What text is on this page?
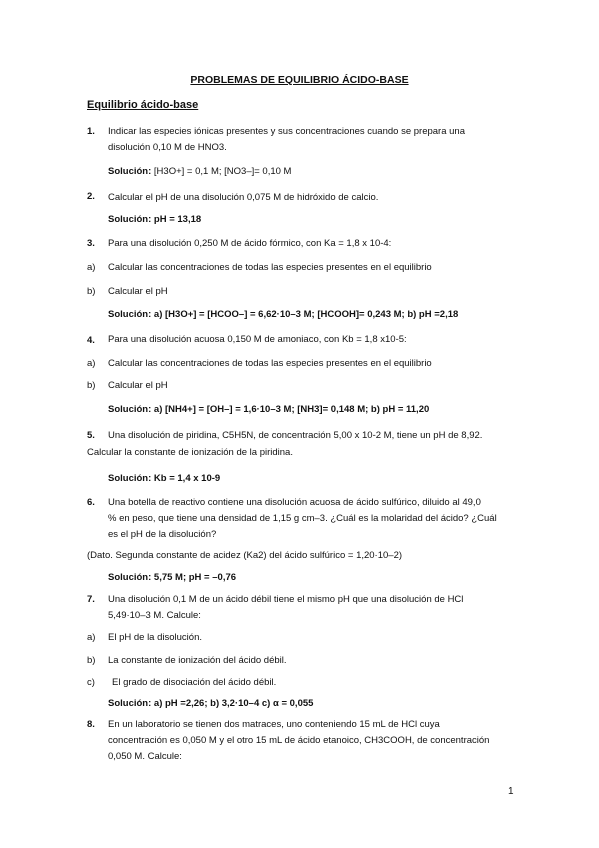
PROBLEMAS DE EQUILIBRIO ÁCIDO-BASE
Equilibrio ácido-base
1. Indicar las especies iónicas presentes y sus concentraciones cuando se prepara una
disolución 0,10 M de HNO3.
Solución: [H3O+] = 0,1 M; [NO3–]= 0,10 M
2. Calcular el pH de una disolución 0,075 M de hidróxido de calcio.
Solución: pH = 13,18
3. Para una disolución 0,250 M de ácido fórmico, con Ka = 1,8 x 10-4:
a) Calcular las concentraciones de todas las especies presentes en el equilibrio
b) Calcular el pH
Solución: a) [H3O+] = [HCOO–] = 6,62·10–3 M; [HCOOH]= 0,243 M; b) pH =2,18
4. Para una disolución acuosa 0,150 M de amoniaco, con Kb = 1,8 x10-5:
a) Calcular las concentraciones de todas las especies presentes en el equilibrio
b) Calcular el pH
Solución: a) [NH4+] = [OH–] = 1,6·10–3 M; [NH3]= 0,148 M; b) pH = 11,20
5. Una disolución de piridina, C5H5N, de concentración 5,00 x 10-2 M, tiene un pH de 8,92.
Calcular la constante de ionización de la piridina.
Solución: Kb = 1,4 x 10-9
6. Una botella de reactivo contiene una disolución acuosa de ácido sulfúrico, diluido al 49,0
% en peso, que tiene una densidad de 1,15 g cm–3. ¿Cuál es la molaridad del ácido? ¿Cuál
es el pH de la disolución?
(Dato. Segunda constante de acidez (Ka2) del ácido sulfúrico = 1,20·10–2)
Solución: 5,75 M; pH = –0,76
7. Una disolución 0,1 M de un ácido débil tiene el mismo pH que una disolución de HCl
5,49·10–3 M. Calcule:
a) El pH de la disolución.
b) La constante de ionización del ácido débil.
c) El grado de disociación del ácido débil.
Solución: a) pH =2,26; b) 3,2·10–4 c) α = 0,055
8. En un laboratorio se tienen dos matraces, uno conteniendo 15 mL de HCl cuya
concentración es 0,050 M y el otro 15 mL de ácido etanoico, CH3COOH, de concentración
0,050 M. Calcule:
1
